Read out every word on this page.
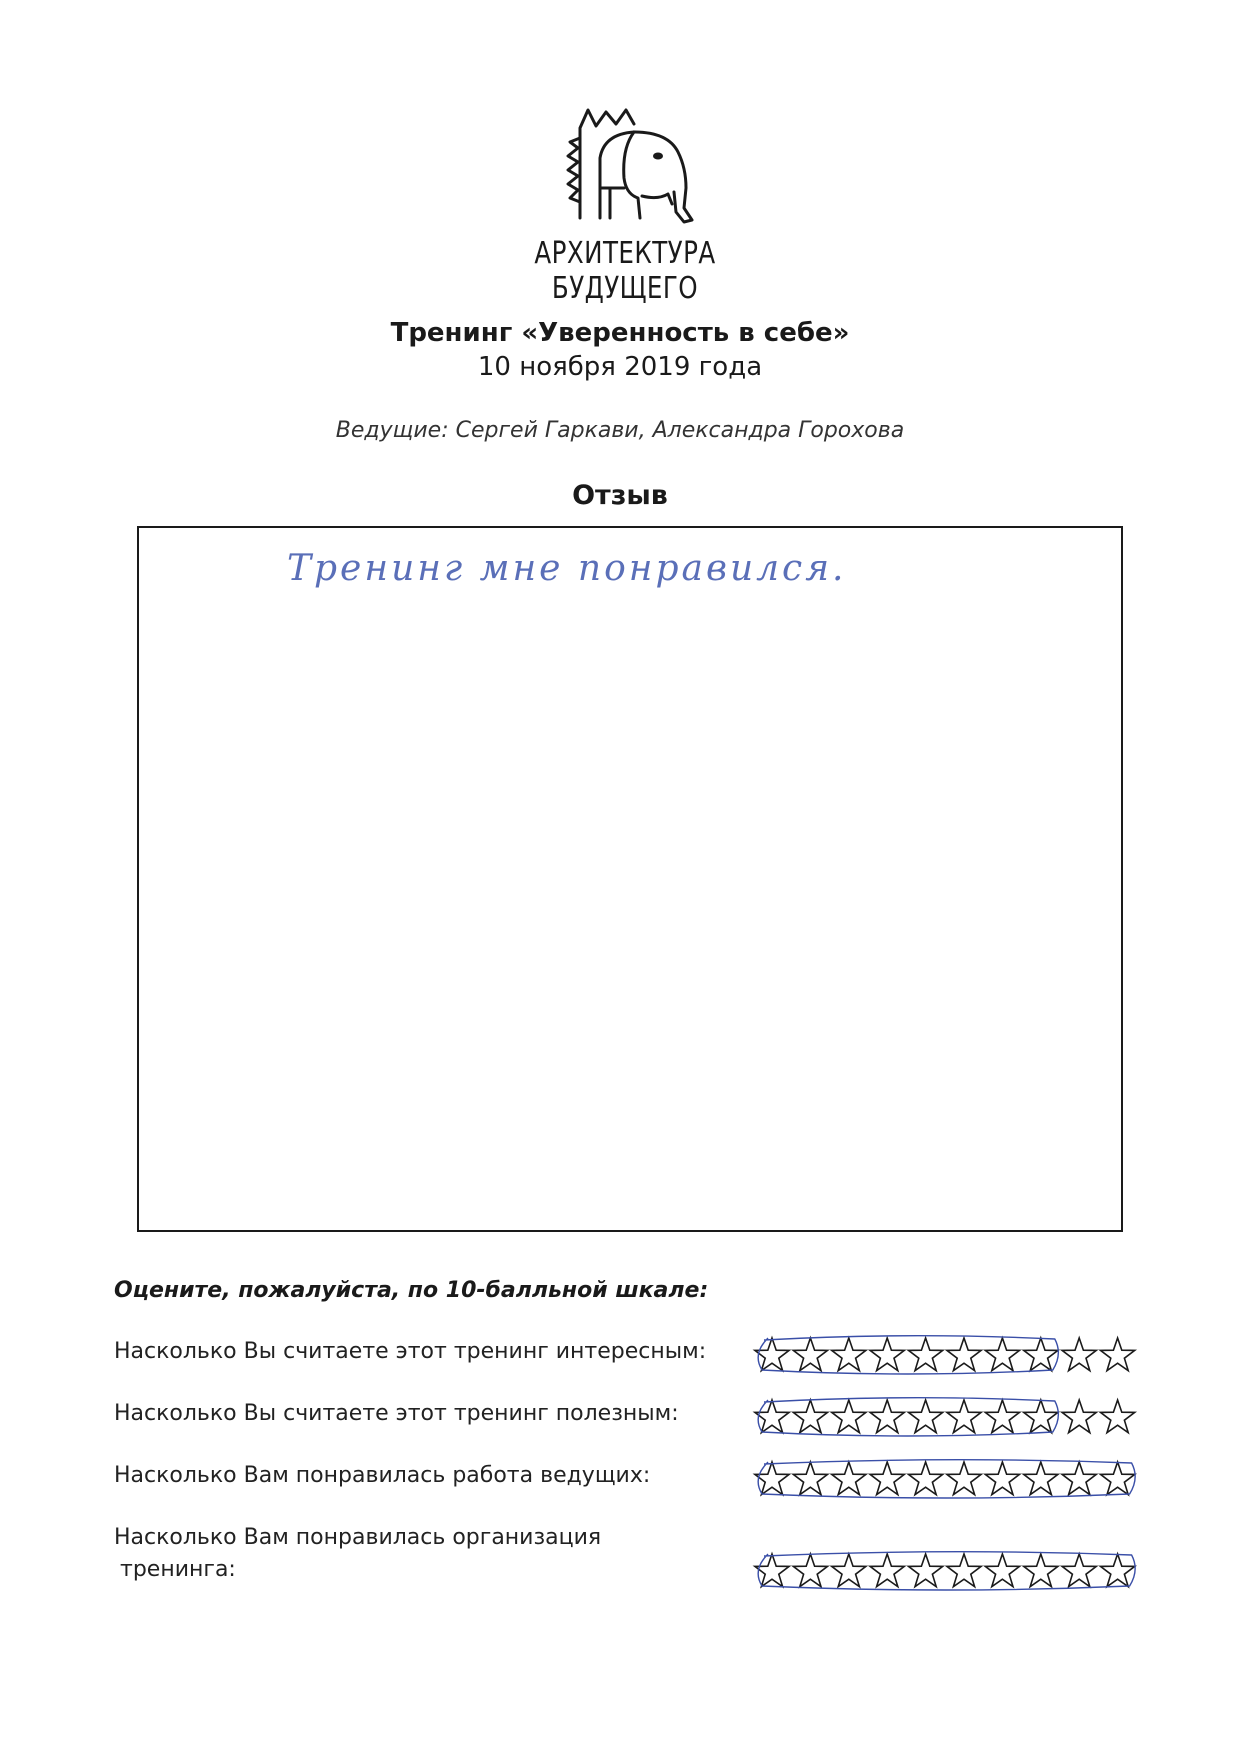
АРХИТЕКТУРА БУДУЩЕГО
Тренинг «Уверенность в себе»
10 ноября 2019 года
Ведущие: Сергей Гаркави, Александра Горохова
Отзыв
Тренинг мне понравился.
Оцените, пожалуйста, по 10-балльной шкале:
Насколько Вы считаете этот тренинг интересным:
Насколько Вы считаете этот тренинг полезным:
Насколько Вам понравилась работа ведущих:
Насколько Вам понравилась организация
тренинга:
